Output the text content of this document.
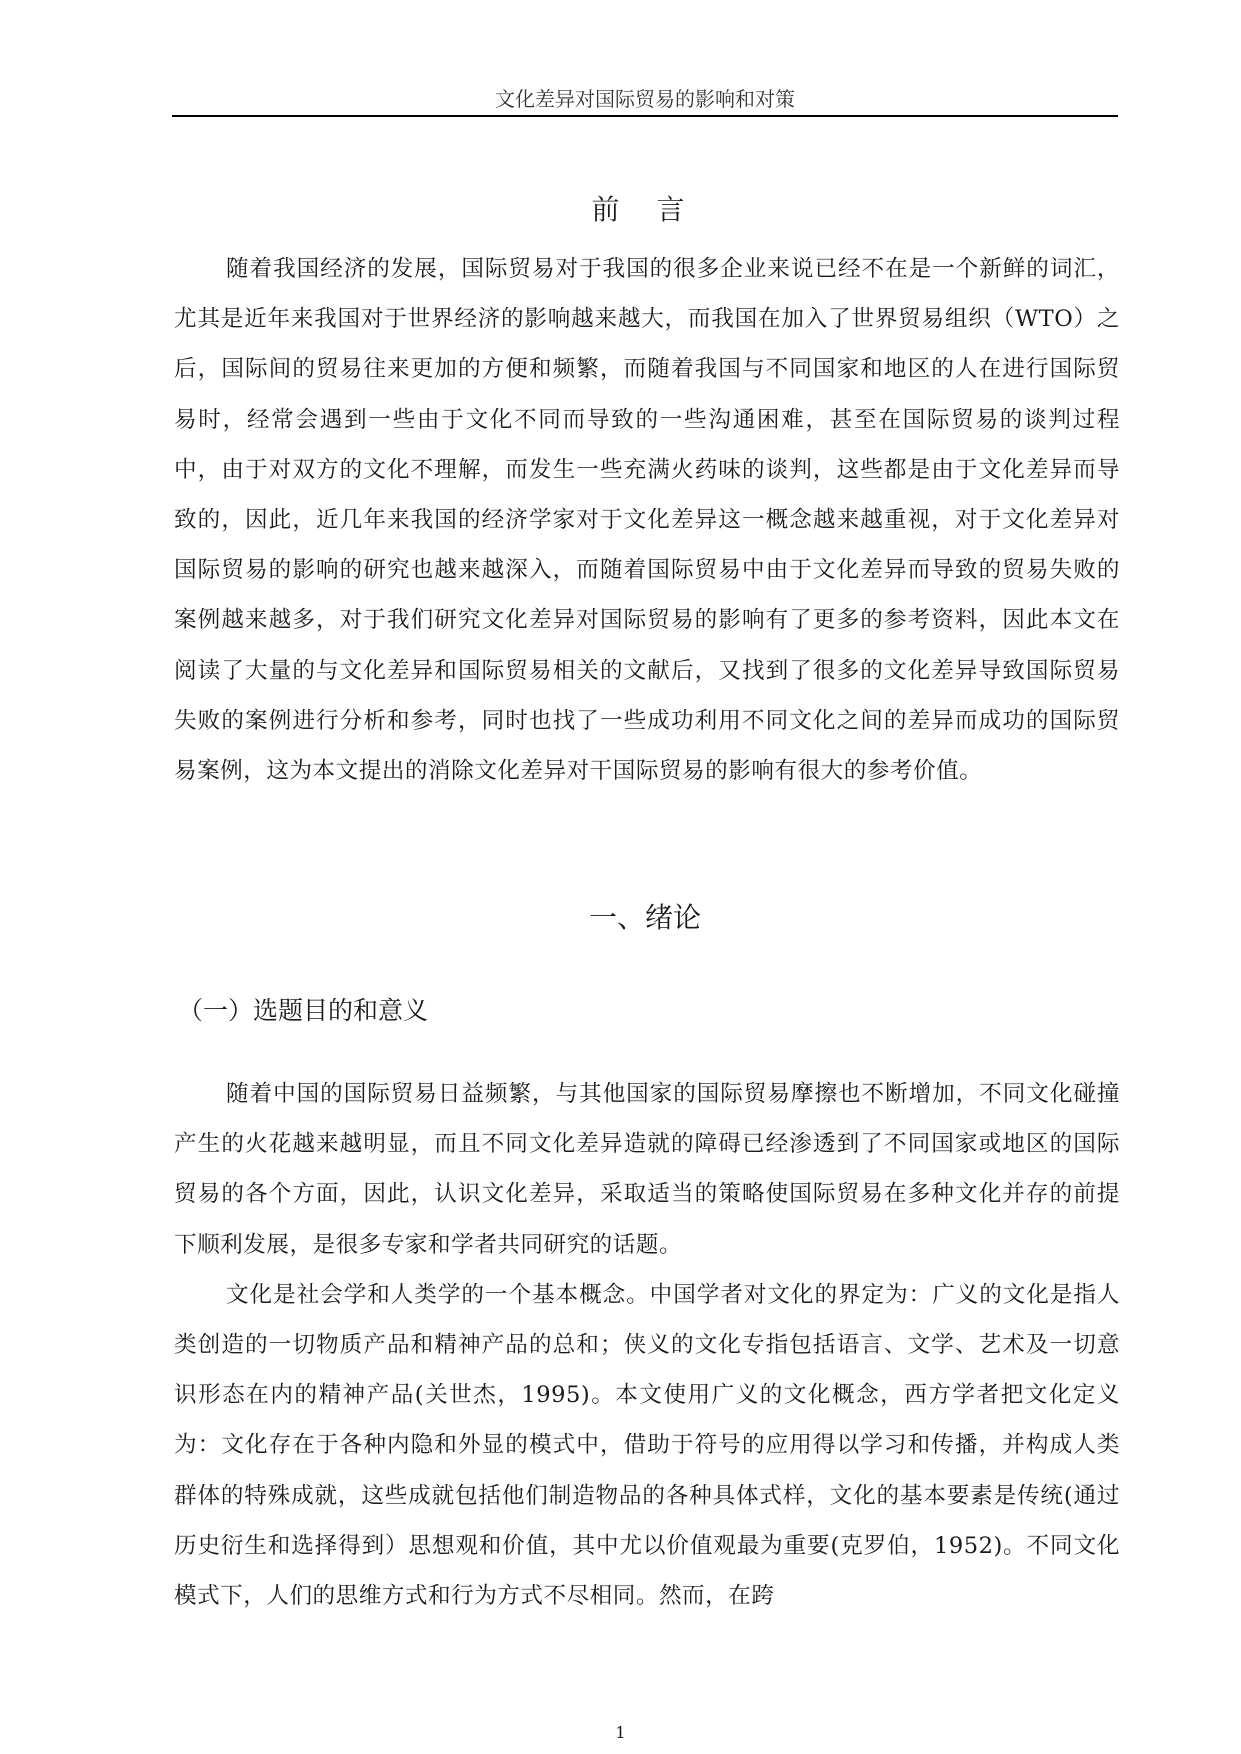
文化差异对国际贸易的影响和对策
前 言

随着我国经济的发展，国际贸易对于我国的很多企业来说已经不在是一个新鲜的词汇，尤其是近年来我国对于世界经济的影响越来越大，而我国在加入了世界贸易组织（WTO）之后，国际间的贸易往来更加的方便和频繁，而随着我国与不同国家和地区的人在进行国际贸易时，经常会遇到一些由于文化不同而导致的一些沟通困难，甚至在国际贸易的谈判过程中，由于对双方的文化不理解，而发生一些充满火药味的谈判，这些都是由于文化差异而导致的，因此，近几年来我国的经济学家对于文化差异这一概念越来越重视，对于文化差异对国际贸易的影响的研究也越来越深入，而随着国际贸易中由于文化差异而导致的贸易失败的案例越来越多，对于我们研究文化差异对国际贸易的影响有了更多的参考资料，因此本文在阅读了大量的与文化差异和国际贸易相关的文献后，又找到了很多的文化差异导致国际贸易失败的案例进行分析和参考，同时也找了一些成功利用不同文化之间的差异而成功的国际贸易案例，这为本文提出的消除文化差异对干国际贸易的影响有很大的参考价值。

一、绪论
（一）选题目的和意义

随着中国的国际贸易日益频繁，与其他国家的国际贸易摩擦也不断增加，不同文化碰撞产生的火花越来越明显，而且不同文化差异造就的障碍已经渗透到了不同国家或地区的国际贸易的各个方面，因此，认识文化差异，采取适当的策略使国际贸易在多种文化并存的前提下顺利发展，是很多专家和学者共同研究的话题。

文化是社会学和人类学的一个基本概念。中国学者对文化的界定为：广义的文化是指人类创造的一切物质产品和精神产品的总和；侠义的文化专指包括语言、文学、艺术及一切意识形态在内的精神产品(关世杰，1995)。本文使用广义的文化概念，西方学者把文化定义为：文化存在于各种内隐和外显的模式中，借助于符号的应用得以学习和传播，并构成人类群体的特殊成就，这些成就包括他们制造物品的各种具体式样，文化的基本要素是传统(通过历史衍生和选择得到）思想观和价值，其中尤以价值观最为重要(克罗伯，1952)。不同文化模式下，人们的思维方式和行为方式不尽相同。然而，在跨

1
